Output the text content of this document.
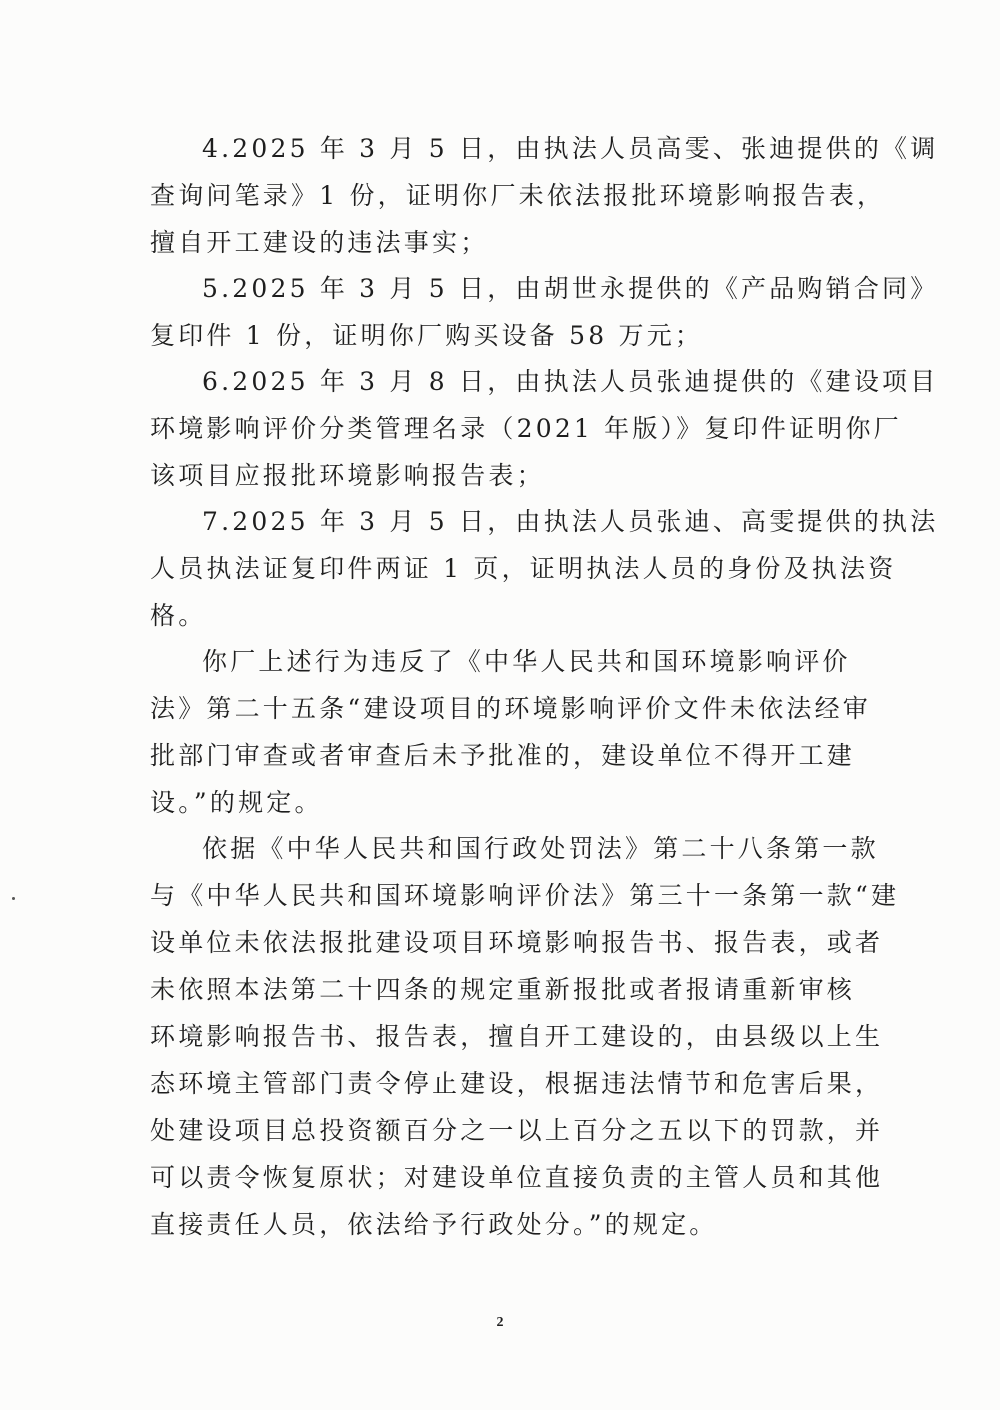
4.2025 年 3 月 5 日，由执法人员高雯、张迪提供的《调
查询问笔录》1 份，证明你厂未依法报批环境影响报告表，
擅自开工建设的违法事实；

5.2025 年 3 月 5 日，由胡世永提供的《产品购销合同》
复印件 1 份，证明你厂购买设备 58 万元；

6.2025 年 3 月 8 日，由执法人员张迪提供的《建设项目
环境影响评价分类管理名录（2021 年版）》复印件证明你厂
该项目应报批环境影响报告表；

7.2025 年 3 月 5 日，由执法人员张迪、高雯提供的执法
人员执法证复印件两证 1 页，证明执法人员的身份及执法资
格。

你厂上述行为违反了《中华人民共和国环境影响评价
法》第二十五条“建设项目的环境影响评价文件未依法经审
批部门审查或者审查后未予批准的，建设单位不得开工建
设。”的规定。

依据《中华人民共和国行政处罚法》第二十八条第一款
与《中华人民共和国环境影响评价法》第三十一条第一款“建
设单位未依法报批建设项目环境影响报告书、报告表，或者
未依照本法第二十四条的规定重新报批或者报请重新审核
环境影响报告书、报告表，擅自开工建设的，由县级以上生
态环境主管部门责令停止建设，根据违法情节和危害后果，
处建设项目总投资额百分之一以上百分之五以下的罚款，并
可以责令恢复原状；对建设单位直接负责的主管人员和其他
直接责任人员，依法给予行政处分。”的规定。

2
